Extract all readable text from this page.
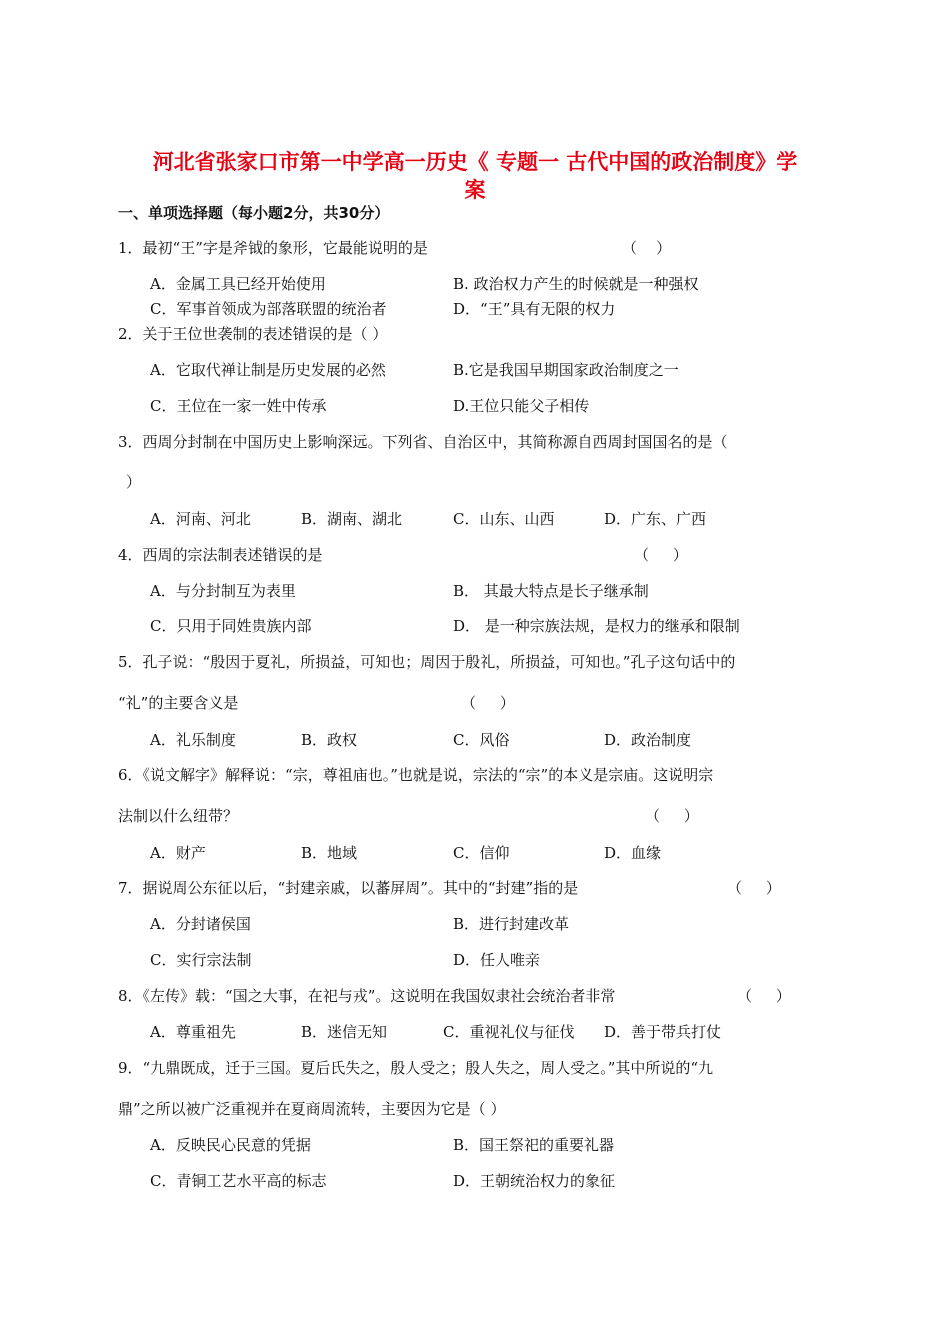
河北省张家口市第一中学高一历史《 专题一 古代中国的政治制度》学
案
一、单项选择题（每小题2分，共30分）
1．最初“王”字是斧钺的象形，它最能说明的是	（    ）
A．金属工具已经开始使用	B. 政治权力产生的时候就是一种强权
C．军事首领成为部落联盟的统治者	D．“王”具有无限的权力
2．关于王位世袭制的表述错误的是（ ）
A．它取代禅让制是历史发展的必然	B.它是我国早期国家政治制度之一
C．王位在一家一姓中传承	D.王位只能父子相传
3．西周分封制在中国历史上影响深远。下列省、自治区中，其简称源自西周封国国名的是（
）
A．河南、河北	B．湖南、湖北	C．山东、山西	D．广东、广西
4．西周的宗法制表述错误的是	（     ）
A．与分封制互为表里	B． 其最大特点是长子继承制
C．只用于同姓贵族内部	D． 是一种宗族法规，是权力的继承和限制
5．孔子说：“殷因于夏礼，所损益，可知也；周因于殷礼，所损益，可知也。”孔子这句话中的
“礼”的主要含义是	（     ）
A．礼乐制度	B．政权	C．风俗	D．政治制度
6．《说文解字》解释说：“宗，尊祖庙也。”也就是说，宗法的“宗”的本义是宗庙。这说明宗
法制以什么纽带？	（     ）
A．财产	B．地域	C．信仰	D．血缘
7．据说周公东征以后，“封建亲戚，以蕃屏周”。其中的“封建”指的是	（     ）
A．分封诸侯国	B．进行封建改革
C．实行宗法制	D．任人唯亲
8．《左传》载：“国之大事，在祀与戎”。这说明在我国奴隶社会统治者非常	（     ）
A．尊重祖先	B．迷信无知	C．重视礼仪与征伐 D．善于带兵打仗
9．“九鼎既成，迁于三国。夏后氏失之，殷人受之；殷人失之，周人受之。”其中所说的“九
鼎”之所以被广泛重视并在夏商周流转，主要因为它是（ ）
A．反映民心民意的凭据	B．国王祭祀的重要礼器
C．青铜工艺水平高的标志	D．王朝统治权力的象征
